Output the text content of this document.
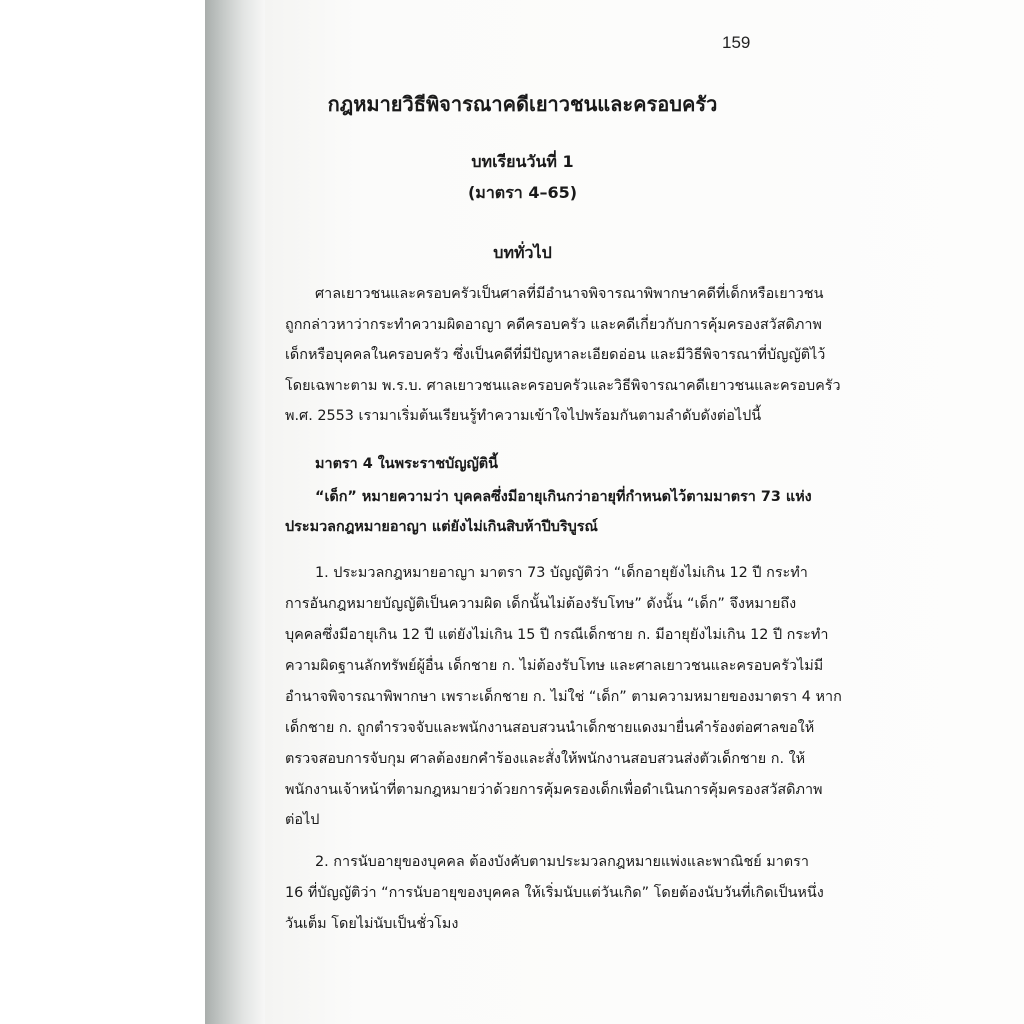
159
กฎหมายวิธีพิจารณาคดีเยาวชนและครอบครัว
บทเรียนวันที่ 1
(มาตรา 4–65)
บททั่วไป
ศาลเยาวชนและครอบครัวเป็นศาลที่มีอำนาจพิจารณาพิพากษาคดีที่เด็กหรือเยาวชน
ถูกกล่าวหาว่ากระทำความผิดอาญา คดีครอบครัว และคดีเกี่ยวกับการคุ้มครองสวัสดิภาพ
เด็กหรือบุคคลในครอบครัว ซึ่งเป็นคดีที่มีปัญหาละเอียดอ่อน และมีวิธีพิจารณาที่บัญญัติไว้
โดยเฉพาะตาม พ.ร.บ. ศาลเยาวชนและครอบครัวและวิธีพิจารณาคดีเยาวชนและครอบครัว
พ.ศ. 2553 เรามาเริ่มต้นเรียนรู้ทำความเข้าใจไปพร้อมกันตามลำดับดังต่อไปนี้
มาตรา 4 ในพระราชบัญญัตินี้
“เด็ก” หมายความว่า บุคคลซึ่งมีอายุเกินกว่าอายุที่กำหนดไว้ตามมาตรา 73 แห่ง
ประมวลกฎหมายอาญา แต่ยังไม่เกินสิบห้าปีบริบูรณ์
1. ประมวลกฎหมายอาญา มาตรา 73 บัญญัติว่า “เด็กอายุยังไม่เกิน 12 ปี กระทำ
การอันกฎหมายบัญญัติเป็นความผิด เด็กนั้นไม่ต้องรับโทษ” ดังนั้น “เด็ก” จึงหมายถึง
บุคคลซึ่งมีอายุเกิน 12 ปี แต่ยังไม่เกิน 15 ปี กรณีเด็กชาย ก. มีอายุยังไม่เกิน 12 ปี กระทำ
ความผิดฐานลักทรัพย์ผู้อื่น เด็กชาย ก. ไม่ต้องรับโทษ และศาลเยาวชนและครอบครัวไม่มี
อำนาจพิจารณาพิพากษา เพราะเด็กชาย ก. ไม่ใช่ “เด็ก” ตามความหมายของมาตรา 4 หาก
เด็กชาย ก. ถูกตำรวจจับและพนักงานสอบสวนนำเด็กชายแดงมายื่นคำร้องต่อศาลขอให้
ตรวจสอบการจับกุม ศาลต้องยกคำร้องและสั่งให้พนักงานสอบสวนส่งตัวเด็กชาย ก. ให้
พนักงานเจ้าหน้าที่ตามกฎหมายว่าด้วยการคุ้มครองเด็กเพื่อดำเนินการคุ้มครองสวัสดิภาพ
ต่อไป
2. การนับอายุของบุคคล ต้องบังคับตามประมวลกฎหมายแพ่งและพาณิชย์ มาตรา
16 ที่บัญญัติว่า “การนับอายุของบุคคล ให้เริ่มนับแต่วันเกิด” โดยต้องนับวันที่เกิดเป็นหนึ่ง
วันเต็ม โดยไม่นับเป็นชั่วโมง
